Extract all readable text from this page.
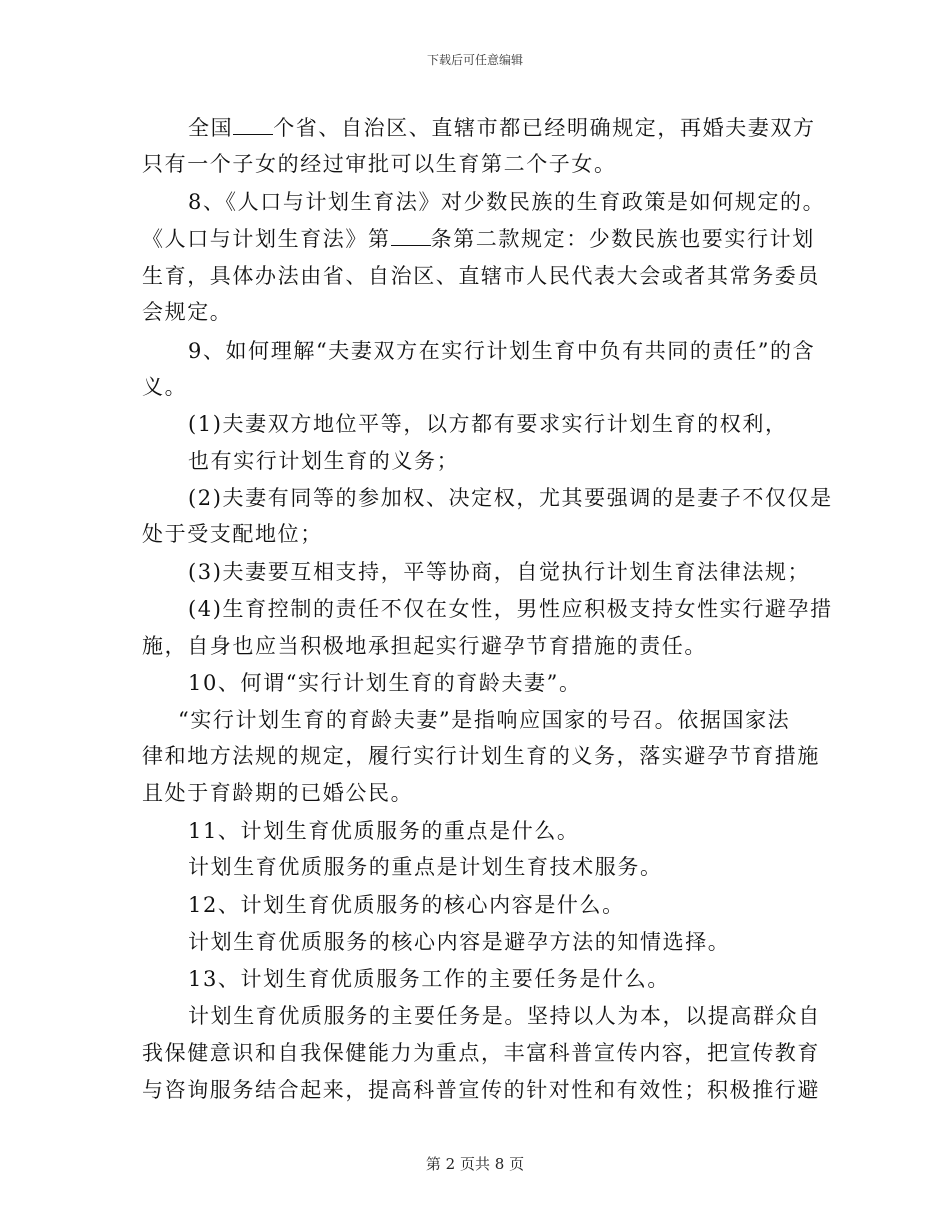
下载后可任意编辑
全国 个省、自治区、直辖市都已经明确规定，再婚夫妻双方
只有一个子女的经过审批可以生育第二个子女。
8、《人口与计划生育法》对少数民族的生育政策是如何规定的。
《人口与计划生育法》第 条第二款规定：少数民族也要实行计划
生育，具体办法由省、自治区、直辖市人民代表大会或者其常务委员
会规定。
9、如何理解“夫妻双方在实行计划生育中负有共同的责任”的含
义。
(1)夫妻双方地位平等，以方都有要求实行计划生育的权利，
也有实行计划生育的义务；
(2)夫妻有同等的参加权、决定权，尤其要强调的是妻子不仅仅是
处于受支配地位；
(3)夫妻要互相支持，平等协商，自觉执行计划生育法律法规；
(4)生育控制的责任不仅在女性，男性应积极支持女性实行避孕措
施，自身也应当积极地承担起实行避孕节育措施的责任。
10、何谓“实行计划生育的育龄夫妻”。
“实行计划生育的育龄夫妻”是指响应国家的号召。依据国家法
律和地方法规的规定，履行实行计划生育的义务，落实避孕节育措施
且处于育龄期的已婚公民。
11、计划生育优质服务的重点是什么。
计划生育优质服务的重点是计划生育技术服务。
12、计划生育优质服务的核心内容是什么。
计划生育优质服务的核心内容是避孕方法的知情选择。
13、计划生育优质服务工作的主要任务是什么。
计划生育优质服务的主要任务是。坚持以人为本，以提高群众自
我保健意识和自我保健能力为重点，丰富科普宣传内容，把宣传教育
与咨询服务结合起来，提高科普宣传的针对性和有效性；积极推行避
第 2 页共 8 页
